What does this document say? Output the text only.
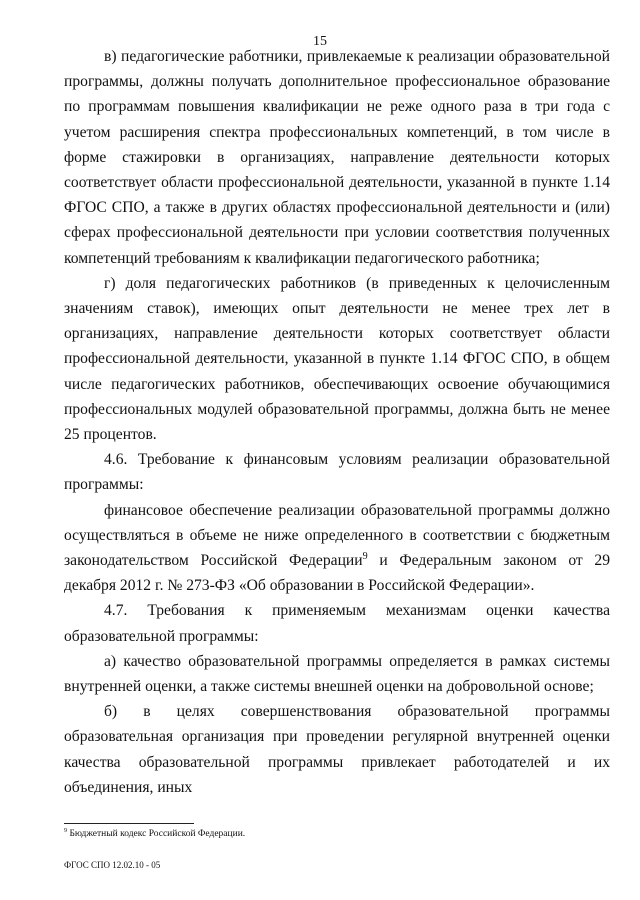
15

в) педагогические работники, привлекаемые к реализации образовательной программы, должны получать дополнительное профессиональное образование по программам повышения квалификации не реже одного раза в три года с учетом расширения спектра профессиональных компетенций, в том числе в форме стажировки в организациях, направление деятельности которых соответствует области профессиональной деятельности, указанной в пункте 1.14 ФГОС СПО, а также в других областях профессиональной деятельности и (или) сферах профессиональной деятельности при условии соответствия полученных компетенций требованиям к квалификации педагогического работника;

г) доля педагогических работников (в приведенных к целочисленным значениям ставок), имеющих опыт деятельности не менее трех лет в организациях, направление деятельности которых соответствует области профессиональной деятельности, указанной в пункте 1.14 ФГОС СПО, в общем числе педагогических работников, обеспечивающих освоение обучающимися профессиональных модулей образовательной программы, должна быть не менее 25 процентов.

4.6. Требование к финансовым условиям реализации образовательной программы:

финансовое обеспечение реализации образовательной программы должно осуществляться в объеме не ниже определенного в соответствии с бюджетным законодательством Российской Федерации$^9$ и Федеральным законом от 29 декабря 2012 г. № 273-ФЗ «Об образовании в Российской Федерации».

4.7. Требования к применяемым механизмам оценки качества образовательной программы:

а) качество образовательной программы определяется в рамках системы внутренней оценки, а также системы внешней оценки на добровольной основе;

б) в целях совершенствования образовательной программы образовательная организация при проведении регулярной внутренней оценки качества образовательной программы привлекает работодателей и их объединения, иных

$^9$ Бюджетный кодекс Российской Федерации.
ФГОС СПО 12.02.10 - 05
